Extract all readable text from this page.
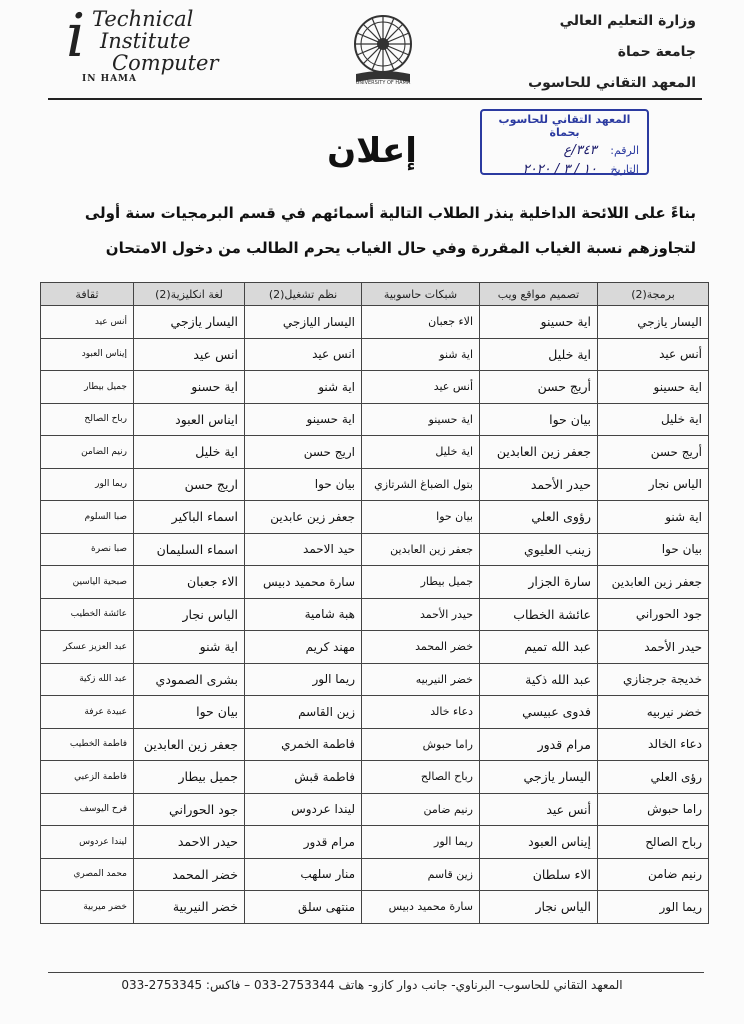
i Technical
Institute
Computer
IN HAMA	UNIVERSITY OF HAMA
وزارة التعليم العالي
جامعة حماة
المعهد التقاني للحاسوب
المعهد التقاني للحاسوب بحماة
الرقم: ٣٤٣/ع
التاريخ ١٠ / ٣ / ٢٠٢٠
إعلان
بناءً على اللائحة الداخلية ينذر الطلاب التالية أسمائهم في قسم البرمجيات سنة أولى لتجاوزهم نسبة الغياب المقررة وفي حال الغياب يحرم الطالب من دخول الامتحان
برمجة(2)	تصميم مواقع ويب	شبكات حاسوبية	نظم تشغيل(2)	لغة انكليزية(2)	ثقافة
اليسار يازجي	اية حسينو	الاء جعبان	اليسار اليازجي	اليسار يازجي	أنس عيد
أنس عيد	اية خليل	اية شنو	انس عيد	انس عيد	إيناس العبود
اية حسينو	أريج حسن	أنس عيد	اية شنو	اية حسنو	جميل بيطار
اية خليل	بيان حوا	اية حسينو	اية حسينو	ايناس العبود	رباح الصالح
أريج حسن	جعفر زين العابدين	اية خليل	اريج حسن	اية خليل	رنيم الضامن
الياس نجار	حيدر الأحمد	بتول الضباغ الشرتازي	بيان حوا	اريج حسن	ريما الور
اية شنو	رؤوى العلي	بيان حوا	جعفر زين عابدين	اسماء الباكير	صبا السلوم
بيان حوا	زينب العليوي	جعفر زين العابدين	حيد الاحمد	اسماء السليمان	صبا نصرة
جعفر زين العابدين	سارة الجزار	جميل بيطار	سارة محميد دبيس	الاء جعبان	صبحية الياسين
جود الحوراني	عائشة الخطاب	حيدر الأحمد	هبة شامية	الياس نجار	عائشة الخطيب
حيدر الأحمد	عبد الله تميم	خضر المحمد	مهند كريم	اية شنو	عبد العزيز عسكر
خديجة جرجنازي	عبد الله ذكية	خضر النيربيه	ريما الور	بشرى الصمودي	عبد الله زكية
خضر نيربيه	فدوى عبيسي	دعاء خالد	زين القاسم	بيان حوا	عبيدة عرفة
دعاء الخالد	مرام قدور	راما حبوش	فاطمة الخمري	جعفر زين العابدين	فاطمة الخطيب
رؤى العلي	اليسار يازجي	رباح الصالح	فاطمة قبش	جميل بيطار	فاطمة الزعبي
راما حبوش	أنس عيد	رنيم ضامن	ليندا عردوس	جود الحوراني	فرح اليوسف
رباح الصالح	إيناس العبود	ريما الور	مرام قدور	حيدر الاحمد	ليندا عردوس
رنيم ضامن	الاء سلطان	زين قاسم	منار سلهب	خضر المحمد	محمد المصري
ريما الور	الياس نجار	سارة محميد دبيس	منتهى سلق	خضر النيربية	خضر ميربية
المعهد التقاني للحاسوب- البرناوي- جانب دوار كازو- هاتف 2753344-033 – فاكس: 2753345-033
